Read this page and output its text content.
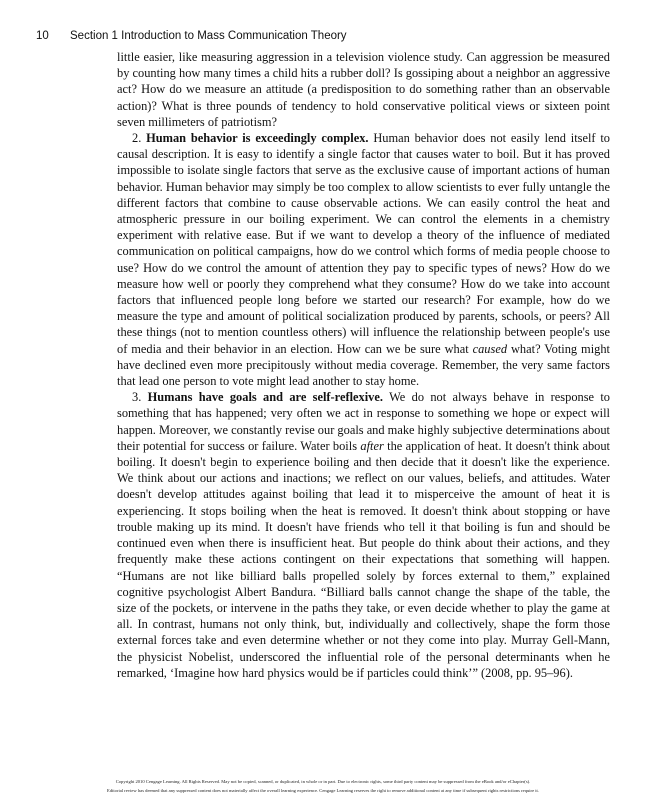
10 Section 1 Introduction to Mass Communication Theory

little easier, like measuring aggression in a television violence study. Can aggression be measured by counting how many times a child hits a rubber doll? Is gossiping about a neighbor an aggressive act? How do we measure an attitude (a predisposition to do something rather than an observable action)? What is three pounds of tendency to hold conservative political views or sixteen point seven millimeters of patriotism?

2. Human behavior is exceedingly complex. Human behavior does not easily lend itself to causal description. It is easy to identify a single factor that causes water to boil. But it has proved impossible to isolate single factors that serve as the exclusive cause of important actions of human behavior. Human behavior may simply be too complex to allow scientists to ever fully untangle the different factors that combine to cause observable actions. We can easily control the heat and atmospheric pressure in our boiling experiment. We can control the elements in a chemistry experiment with relative ease. But if we want to develop a theory of the influence of mediated communication on political campaigns, how do we control which forms of media people choose to use? How do we control the amount of attention they pay to specific types of news? How do we measure how well or poorly they comprehend what they consume? How do we take into account factors that influenced people long before we started our research? For example, how do we measure the type and amount of political socialization produced by parents, schools, or peers? All these things (not to mention countless others) will influence the relationship between people's use of media and their behavior in an election. How can we be sure what caused what? Voting might have declined even more precipitously without media coverage. Remember, the very same factors that lead one person to vote might lead another to stay home.

3. Humans have goals and are self-reflexive. We do not always behave in response to something that has happened; very often we act in response to something we hope or expect will happen. Moreover, we constantly revise our goals and make highly subjective determinations about their potential for success or failure. Water boils after the application of heat. It doesn't think about boiling. It doesn't begin to experience boiling and then decide that it doesn't like the experience. We think about our actions and inactions; we reflect on our values, beliefs, and attitudes. Water doesn't develop attitudes against boiling that lead it to misperceive the amount of heat it is experiencing. It stops boiling when the heat is removed. It doesn't think about stopping or have trouble making up its mind. It doesn't have friends who tell it that boiling is fun and should be continued even when there is insufficient heat. But people do think about their actions, and they frequently make these actions contingent on their expectations that something will happen. “Humans are not like billiard balls propelled solely by forces external to them,” explained cognitive psychologist Albert Bandura. “Billiard balls cannot change the shape of the table, the size of the pockets, or intervene in the paths they take, or even decide whether to play the game at all. In contrast, humans not only think, but, individually and collectively, shape the form those external forces take and even determine whether or not they come into play. Murray Gell-Mann, the physicist Nobelist, underscored the influential role of the personal determinants when he remarked, ‘Imagine how hard physics would be if particles could think’” (2008, pp. 95–96).

Copyright 2010 Cengage Learning. All Rights Reserved. May not be copied, scanned, or duplicated, in whole or in part. Due to electronic rights, some third party content may be suppressed from the eBook and/or eChapter(s).
Editorial review has deemed that any suppressed content does not materially affect the overall learning experience. Cengage Learning reserves the right to remove additional content at any time if subsequent rights restrictions require it.
